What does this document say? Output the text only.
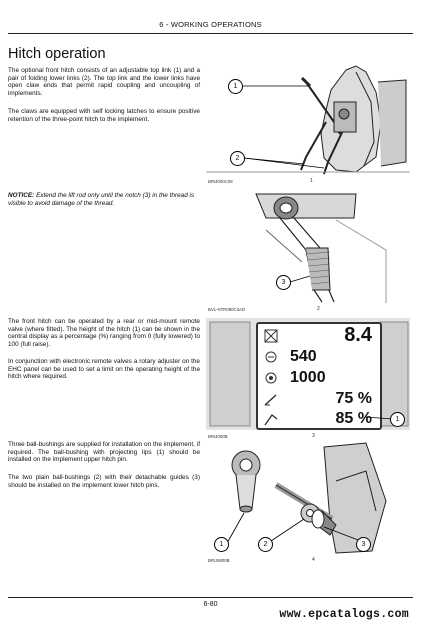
6 - WORKING OPERATIONS
Hitch operation
The optional front hitch consists of an adjustable top link (1) and a pair of folding lower links (2). The top link and the lower links have open claw ends that permit rapid coupling and uncoupling of implements.
The claws are equipped with self locking latches to ensure positive retention of the three-point hitch to the implement.
NOTICE: Extend the lift rod only until the notch (3) in the thread is visible to avoid damage of the thread.
The front hitch can be operated by a rear or mid-mount remote valve (where fitted). The height of the hitch (1) can be shown in the central display as a percentage (%) ranging from 0 (fully lowered) to 100 (full raise).
In conjunction with electronic remote valves a rotary adjuster on the EHC panel can be used to set a limit on the operating height of the hitch where required.
Three ball-bushings are supplied for installation on the implement, if required. The ball-bushing with projecting lips (1) should be installed on the implement upper hitch pin.
The two plain ball-bushings (2) with their detachable guides (3) should be installed on the implement lower hitch pins.
1
2
BRI4050C08	1
3
BVL-NTR080C3AD	2
8.4
540
1000
75 %
85 %	1
BRI4060B	3
1	2	3
BRU5800B	4
6-80
www.epcatalogs.com
